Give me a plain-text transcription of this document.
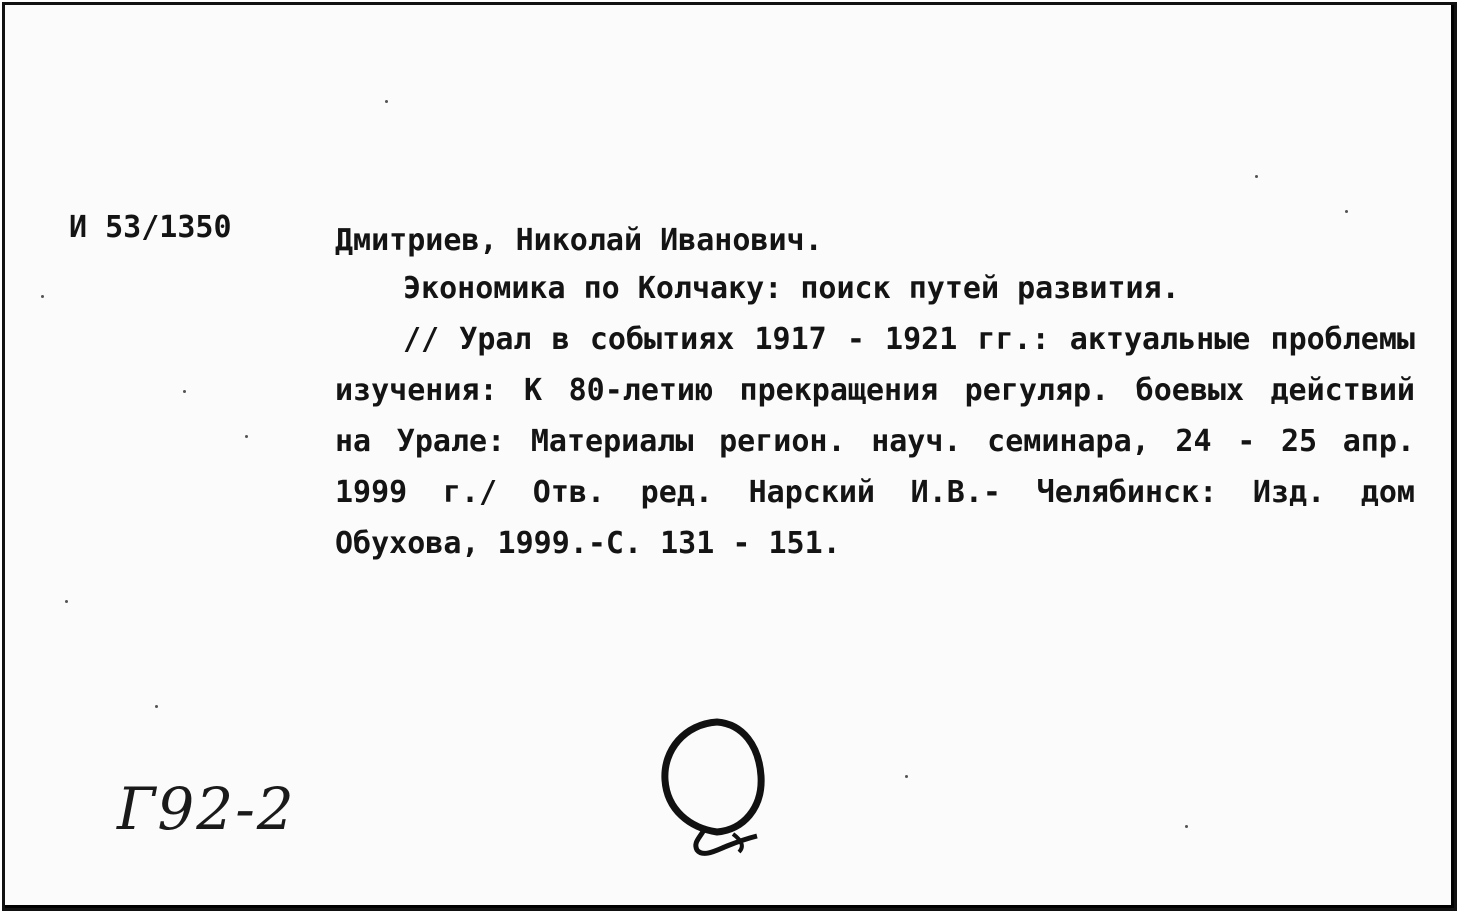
И 53/1350	Дмитриев, Николай Иванович.

Экономика по Колчаку: поиск путей развития.

// Урал в событиях 1917 - 1921 гг.: актуальные проблемы изучения: К 80-летию прекращения регуляр. боевых действий на Урале: Материалы регион. науч. семинара, 24 - 25 апр. 1999 г./ Отв. ред. Нарский И.В.- Челябинск: Изд. дом Обухова, 1999.-С. 131 - 151.

Г92-2
